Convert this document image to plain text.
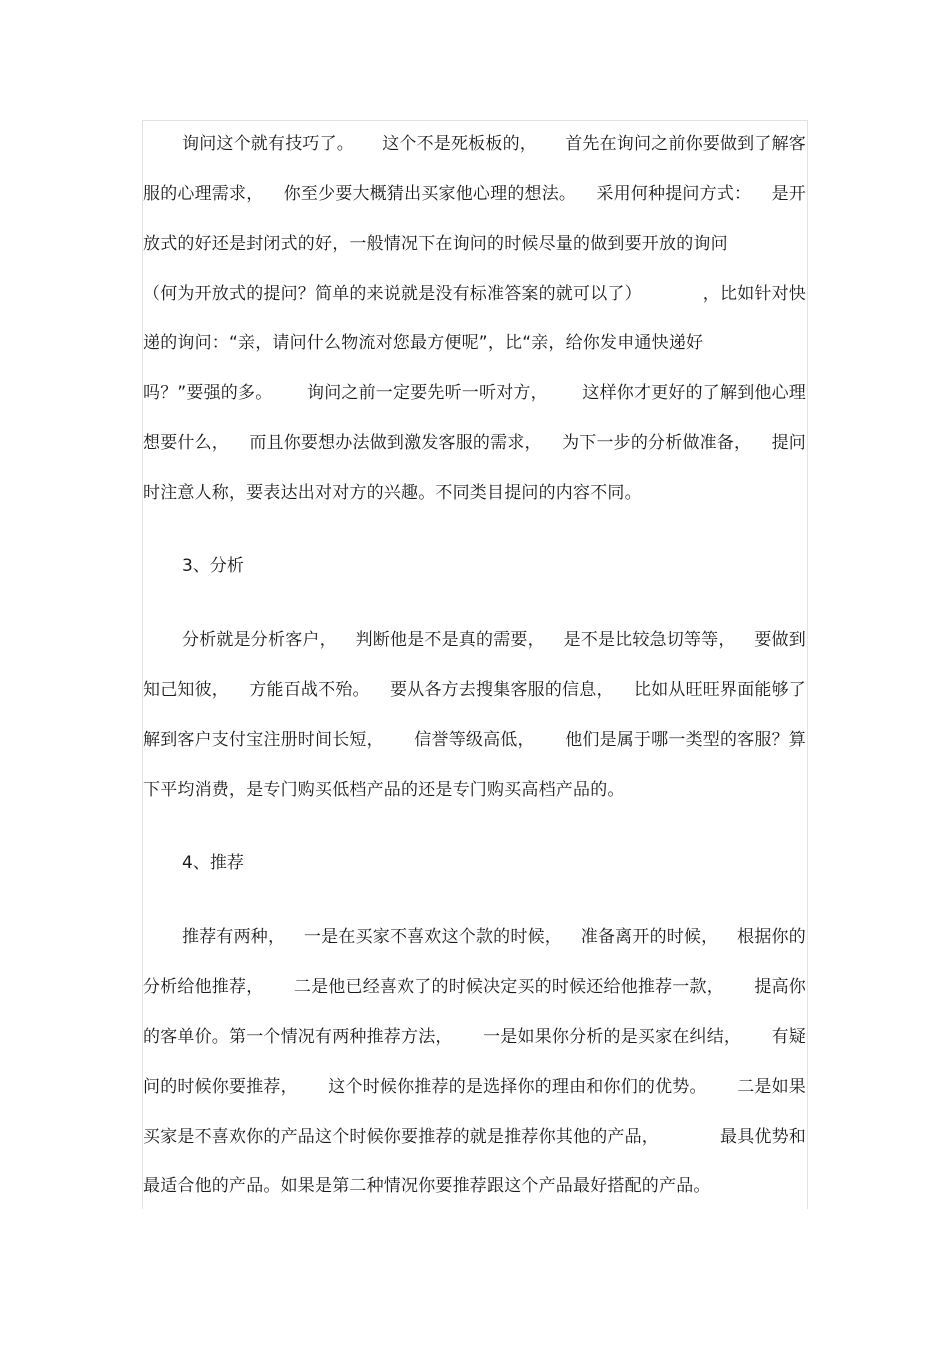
询问这个就有技巧了。 这个不是死板板的， 首先在询问之前你要做到了解客
服的心理需求， 你至少要大概猜出买家他心理的想法。 采用何种提问方式： 是开
放式的好还是封闭式的好，一般情况下在询问的时候尽量的做到要开放的询问
（何为开放式的提问？简单的来说就是没有标准答案的就可以了）	，比如针对快
递的询问：“亲，请问什么物流对您最方便呢”，比“亲，给你发申通快递好
吗？”要强的多。 询问之前一定要先听一听对方， 这样你才更好的了解到他心理
想要什么， 而且你要想办法做到激发客服的需求， 为下一步的分析做准备， 提问
时注意人称，要表达出对对方的兴趣。不同类目提问的内容不同。
3、分析
分析就是分析客户， 判断他是不是真的需要， 是不是比较急切等等， 要做到
知己知彼， 方能百战不殆。 要从各方去搜集客服的信息， 比如从旺旺界面能够了
解到客户支付宝注册时间长短， 信誉等级高低， 他们是属于哪一类型的客服？算
下平均消费，是专门购买低档产品的还是专门购买高档产品的。
4、推荐
推荐有两种， 一是在买家不喜欢这个款的时候， 准备离开的时候， 根据你的
分析给他推荐， 二是他已经喜欢了的时候决定买的时候还给他推荐一款， 提高你
的客单价。第一个情况有两种推荐方法， 一是如果你分析的是买家在纠结， 有疑
问的时候你要推荐， 这个时候你推荐的是选择你的理由和你们的优势。 二是如果
买家是不喜欢你的产品这个时候你要推荐的就是推荐你其他的产品，	最具优势和
最适合他的产品。如果是第二种情况你要推荐跟这个产品最好搭配的产品。
